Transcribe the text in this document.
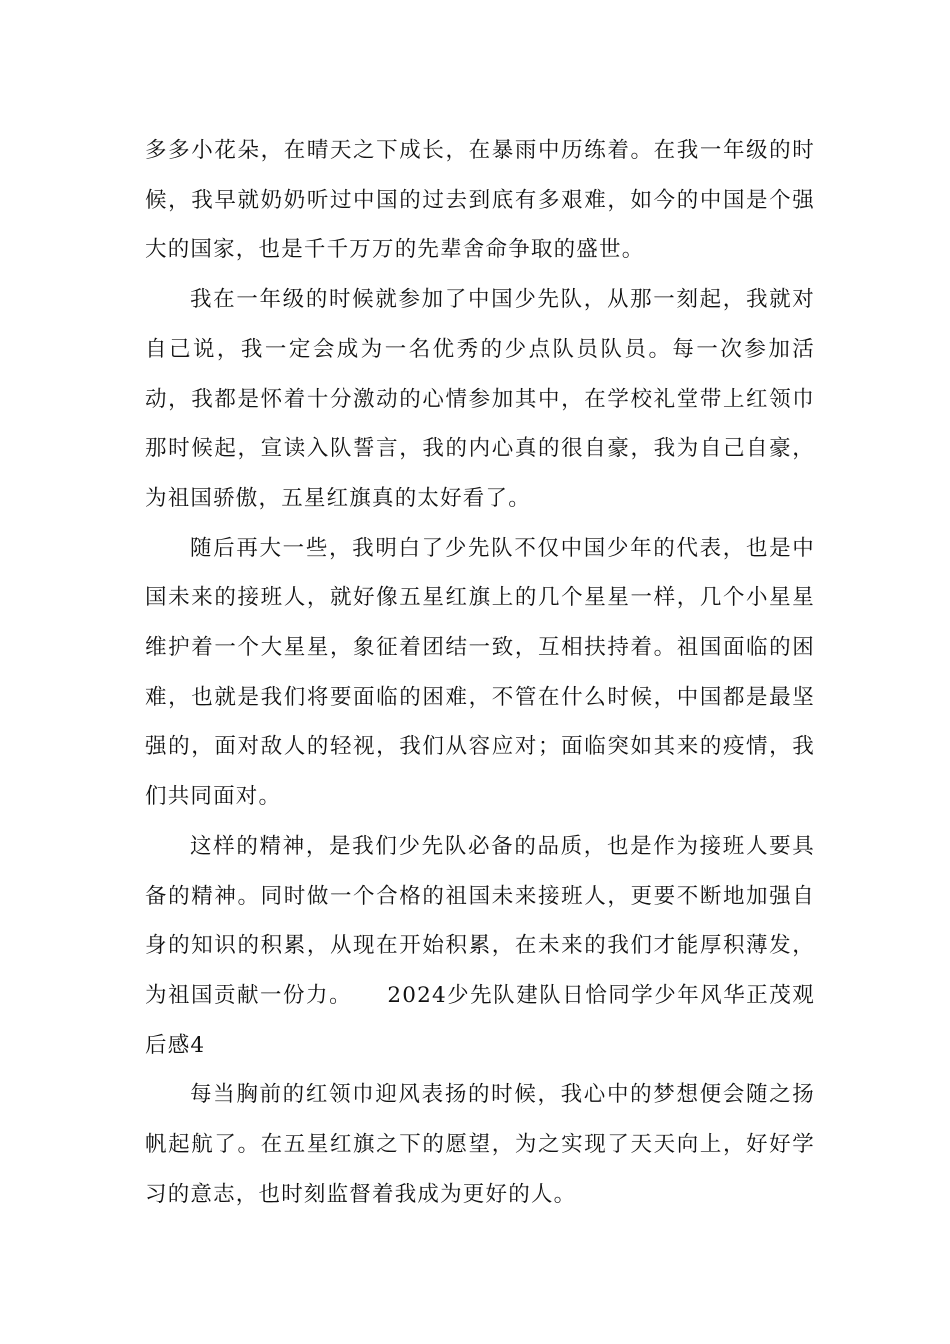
多多小花朵，在晴天之下成长，在暴雨中历练着。在我一年级的时候，我早就奶奶听过中国的过去到底有多艰难，如今的中国是个强大的国家，也是千千万万的先辈舍命争取的盛世。

我在一年级的时候就参加了中国少先队，从那一刻起，我就对自己说，我一定会成为一名优秀的少点队员队员。每一次参加活动，我都是怀着十分激动的心情参加其中，在学校礼堂带上红领巾那时候起，宣读入队誓言，我的内心真的很自豪，我为自己自豪，为祖国骄傲，五星红旗真的太好看了。

随后再大一些，我明白了少先队不仅中国少年的代表，也是中国未来的接班人，就好像五星红旗上的几个星星一样，几个小星星维护着一个大星星，象征着团结一致，互相扶持着。祖国面临的困难，也就是我们将要面临的困难，不管在什么时候，中国都是最坚强的，面对敌人的轻视，我们从容应对；面临突如其来的疫情，我们共同面对。

这样的精神，是我们少先队必备的品质，也是作为接班人要具备的精神。同时做一个合格的祖国未来接班人，更要不断地加强自身的知识的积累，从现在开始积累，在未来的我们才能厚积薄发，为祖国贡献一份力。　　2024少先队建队日恰同学少年风华正茂观后感4

每当胸前的红领巾迎风表扬的时候，我心中的梦想便会随之扬帆起航了。在五星红旗之下的愿望，为之实现了天天向上，好好学习的意志，也时刻监督着我成为更好的人。
